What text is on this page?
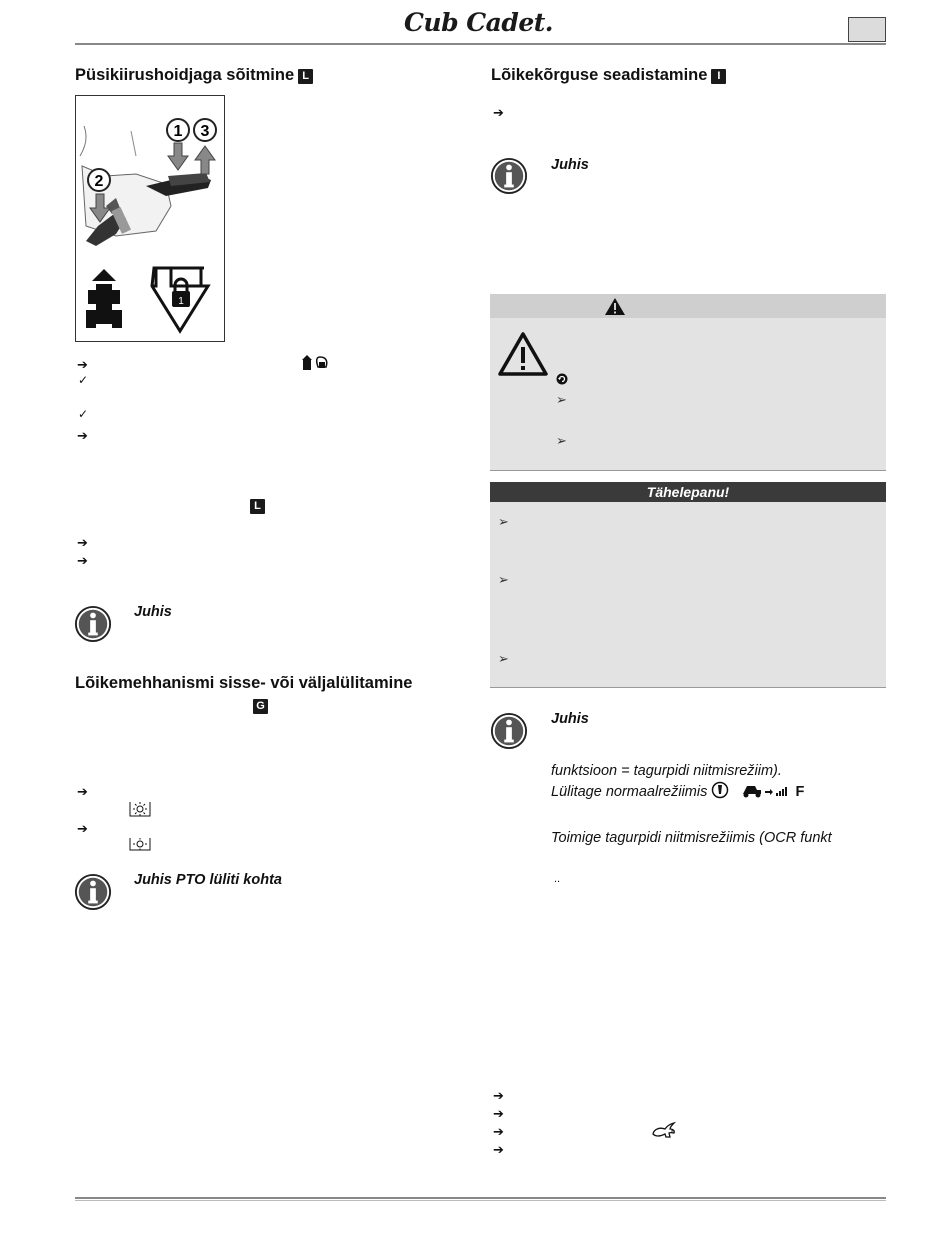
Cub Cadet.
Püsikiirushoidjaga sõitmine L
1 3
2
1
➔
✓
✓
➔
L
➔
➔
Juhis
Lõikemehhanismi sisse- või väljalülitamine
G
➔
➔
Juhis PTO lüliti kohta
Lõikekõrguse seadistamine I
➔
Juhis
➢
➢
Tähelepanu!
➢
➢
➢
Juhis
funktsioon = tagurpidi niitmisrežiim).
Lülitage normaalrežiimis	F
Toimige tagurpidi niitmisrežiimis (OCR funkt
..
➔
➔
➔
➔
